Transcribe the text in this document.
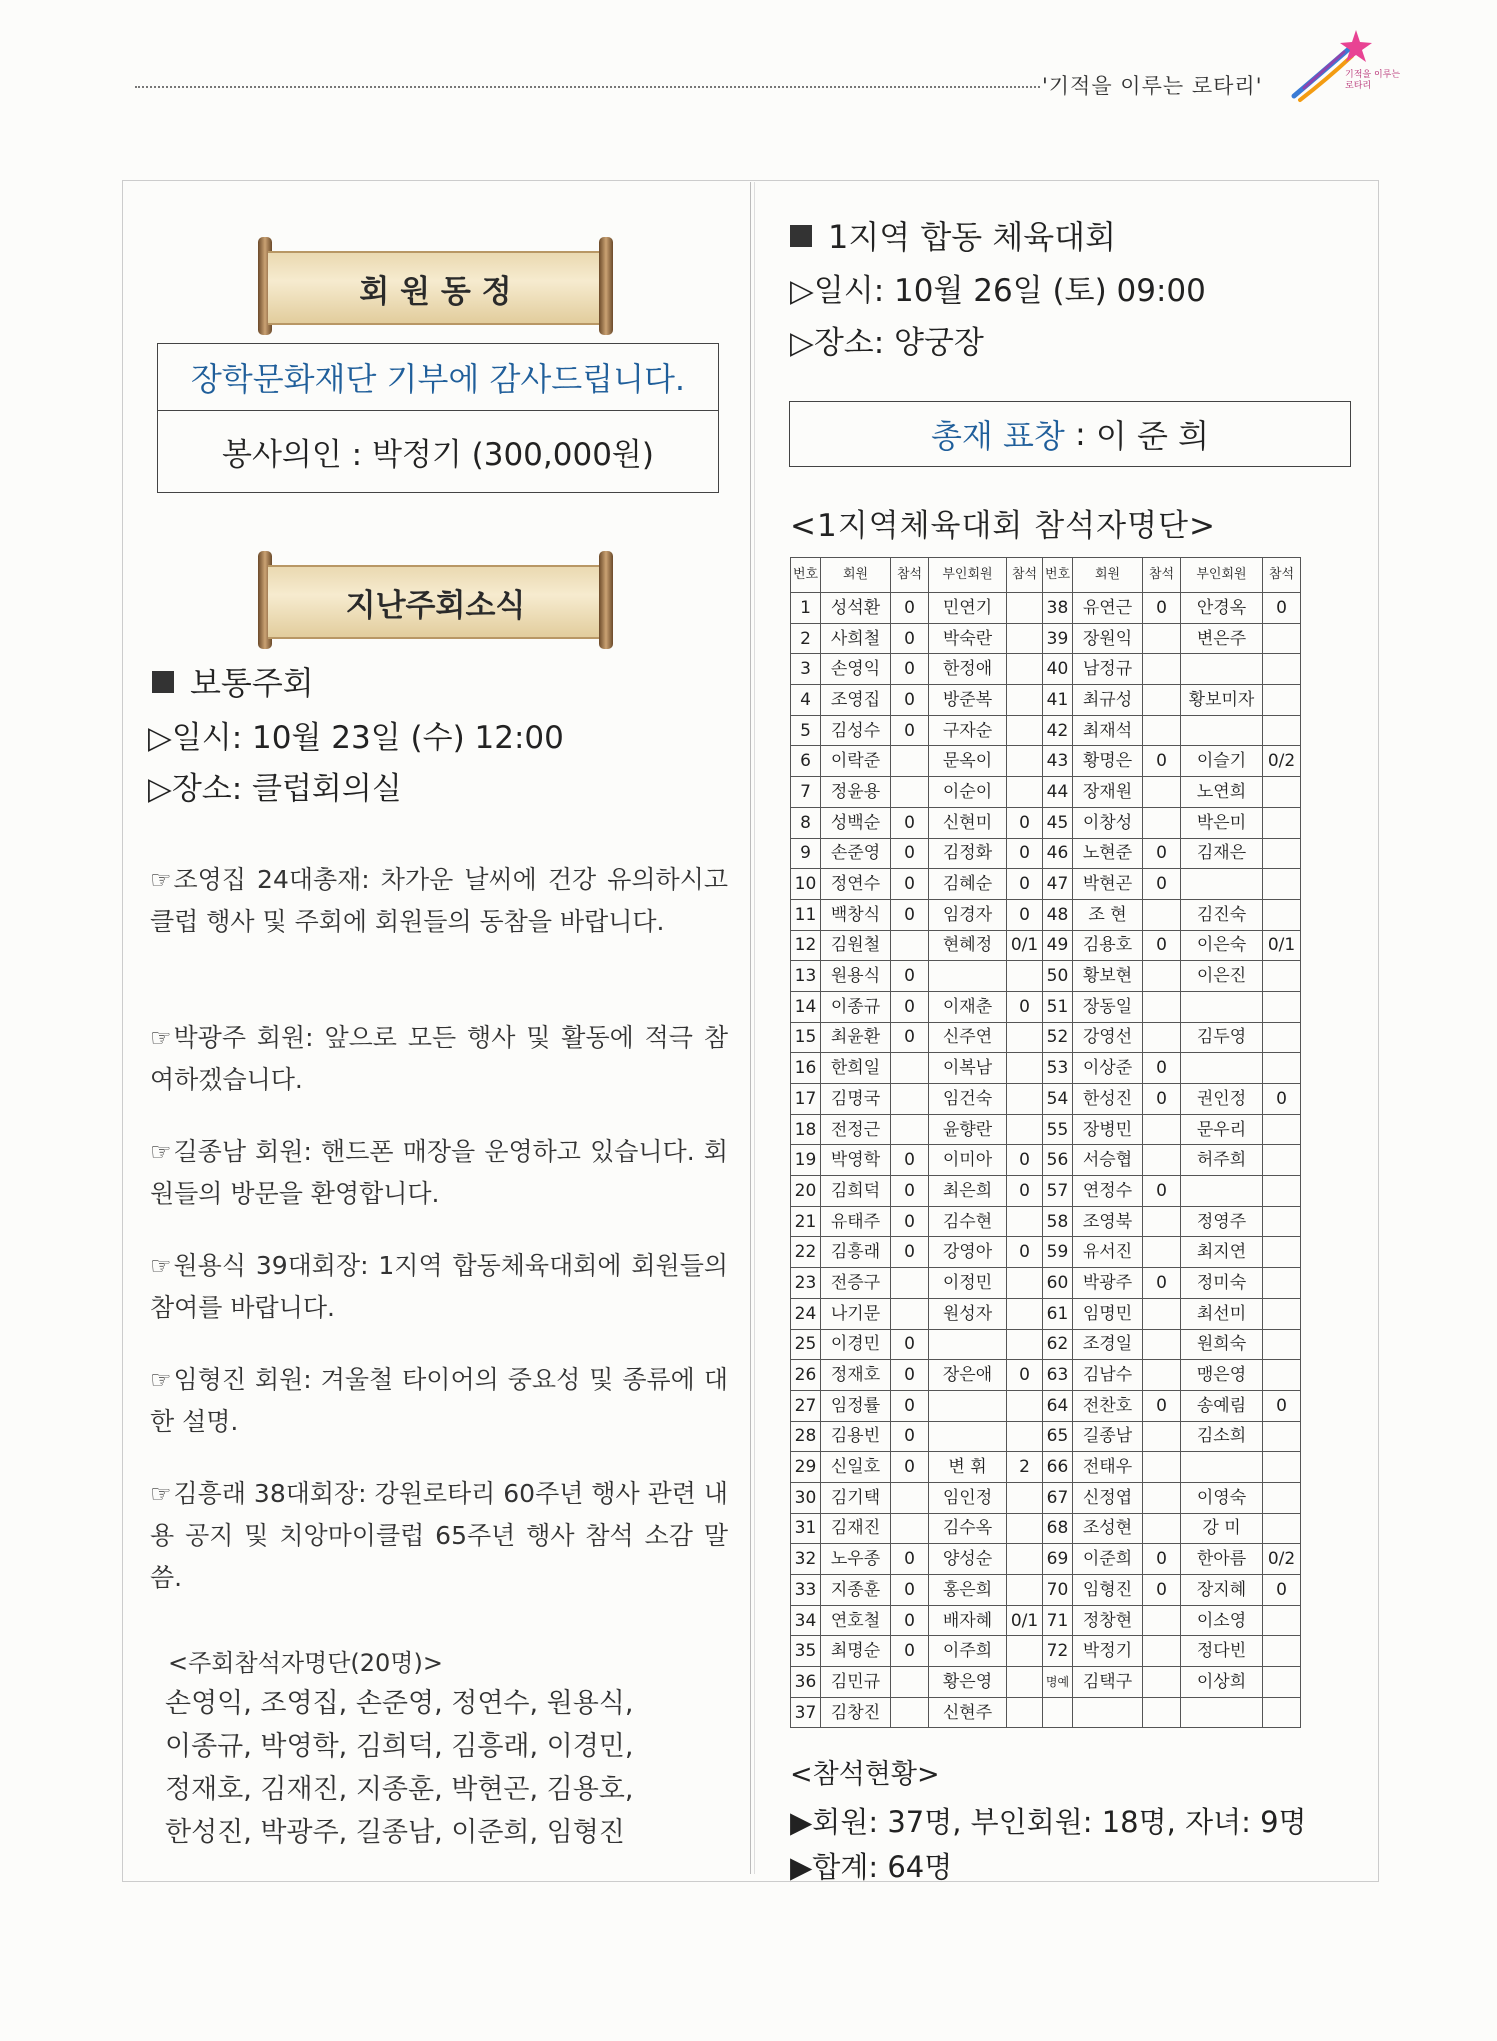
'기적을 이루는 로타리'	기적을 이루는 로타리
회 원 동 정
장학문화재단 기부에 감사드립니다.
봉사의인 : 박정기 (300,000원)
지난주회소식
보통주회
▷일시: 10월 23일 (수) 12:00
▷장소: 클럽회의실
☞조영집 24대총재: 차가운 날씨에 건강 유의하시고 클럽 행사 및 주회에 회원들의 동참을 바랍니다.
☞박광주 회원: 앞으로 모든 행사 및 활동에 적극 참여하겠습니다.
☞길종남 회원: 핸드폰 매장을 운영하고 있습니다. 회원들의 방문을 환영합니다.
☞원용식 39대회장: 1지역 합동체육대회에 회원들의 참여를 바랍니다.
☞임형진 회원: 겨울철 타이어의 중요성 및 종류에 대한 설명.
☞김흥래 38대회장: 강원로타리 60주년 행사 관련 내용 공지 및 치앙마이클럽 65주년 행사 참석 소감 말씀.
<주회참석자명단(20명)>
손영익, 조영집, 손준영, 정연수, 원용식,
이종규, 박영학, 김희덕, 김흥래, 이경민,
정재호, 김재진, 지종훈, 박현곤, 김용호,
한성진, 박광주, 길종남, 이준희, 임형진
1지역 합동 체육대회
▷일시: 10월 26일 (토) 09:00
▷장소: 양궁장
총재 표창 : 이 준 희
<1지역체육대회 참석자명단>
번호	회원	참석	부인회원	참석	번호	회원	참석	부인회원	참석
1	성석환	0	민연기		38	유연근	0	안경옥	0
2	사희철	0	박숙란		39	장원익		변은주	
3	손영익	0	한정애		40	남정규			
4	조영집	0	방준복		41	최규성		황보미자	
5	김성수	0	구자순		42	최재석			
6	이락준		문옥이		43	황명은	0	이슬기	0/2
7	정윤용		이순이		44	장재원		노연희	
8	성백순	0	신현미	0	45	이창성		박은미	
9	손준영	0	김정화	0	46	노현준	0	김재은	
10	정연수	0	김혜순	0	47	박현곤	0		
11	백창식	0	임경자	0	48	조 현		김진숙	
12	김원철		현혜정	0/1	49	김용호	0	이은숙	0/1
13	원용식	0			50	황보현		이은진	
14	이종규	0	이재춘	0	51	장동일			
15	최윤환	0	신주연		52	강영선		김두영	
16	한희일		이복남		53	이상준	0		
17	김명국		임건숙		54	한성진	0	권인정	0
18	전정근		윤향란		55	장병민		문우리	
19	박영학	0	이미아	0	56	서승협		허주희	
20	김희덕	0	최은희	0	57	연정수	0		
21	유태주	0	김수현		58	조영북		정영주	
22	김흥래	0	강영아	0	59	유서진		최지연	
23	전증구		이정민		60	박광주	0	정미숙	
24	나기문		원성자		61	임명민		최선미	
25	이경민	0			62	조경일		원희숙	
26	정재호	0	장은애	0	63	김남수		맹은영	
27	임정률	0			64	전찬호	0	송예림	0
28	김용빈	0			65	길종남		김소희	
29	신일호	0	변 휘	2	66	전태우			
30	김기택		임인정		67	신정엽		이영숙	
31	김재진		김수옥		68	조성현		강 미	
32	노우종	0	양성순		69	이준희	0	한아름	0/2
33	지종훈	0	홍은희		70	임형진	0	장지혜	0
34	연호철	0	배자혜	0/1	71	정창현		이소영	
35	최명순	0	이주희		72	박정기		정다빈	
36	김민규		황은영		명예	김택구		이상희	
37	김창진		신현주						
<참석현황>
▶회원: 37명, 부인회원: 18명, 자녀: 9명
▶합계: 64명
